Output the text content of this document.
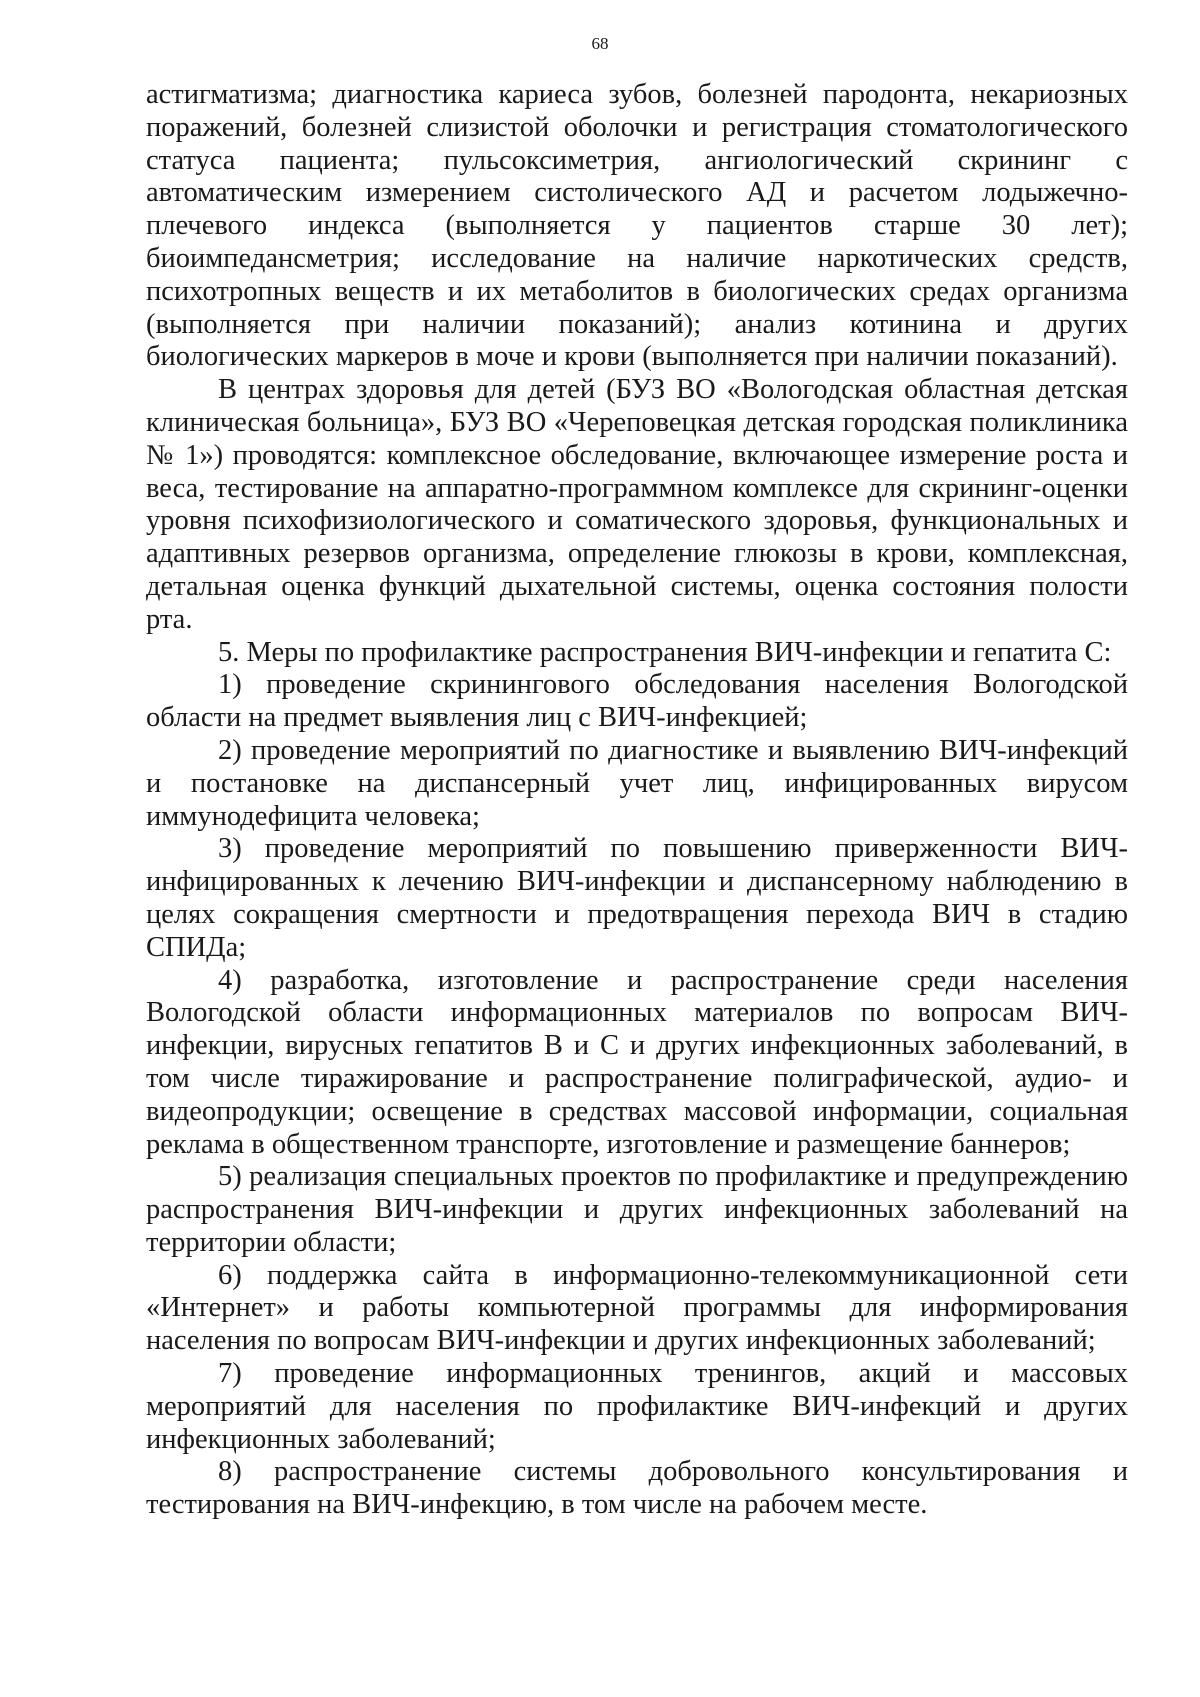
68

астигматизма; диагностика кариеса зубов, болезней пародонта, некариозных поражений, болезней слизистой оболочки и регистрация стоматологического статуса пациента; пульсоксиметрия, ангиологический скрининг с автоматическим измерением систолического АД и расчетом лодыжечно-плечевого индекса (выполняется у пациентов старше 30 лет); биоимпедансметрия; исследование на наличие наркотических средств, психотропных веществ и их метаболитов в биологических средах организма (выполняется при наличии показаний); анализ котинина и других биологических маркеров в моче и крови (выполняется при наличии показаний).

В центрах здоровья для детей (БУЗ ВО «Вологодская областная детская клиническая больница», БУЗ ВО «Череповецкая детская городская поликлиника № 1») проводятся: комплексное обследование, включающее измерение роста и веса, тестирование на аппаратно-программном комплексе для скрининг-оценки уровня психофизиологического и соматического здоровья, функциональных и адаптивных резервов организма, определение глюкозы в крови, комплексная, детальная оценка функций дыхательной системы, оценка состояния полости рта.

5. Меры по профилактике распространения ВИЧ-инфекции и гепатита С:

1) проведение скринингового обследования населения Вологодской области на предмет выявления лиц с ВИЧ-инфекцией;

2) проведение мероприятий по диагностике и выявлению ВИЧ-инфекций и постановке на диспансерный учет лиц, инфицированных вирусом иммунодефицита человека;

3) проведение мероприятий по повышению приверженности ВИЧ-инфицированных к лечению ВИЧ-инфекции и диспансерному наблюдению в целях сокращения смертности и предотвращения перехода ВИЧ в стадию СПИДа;

4) разработка, изготовление и распространение среди населения Вологодской области информационных материалов по вопросам ВИЧ-инфекции, вирусных гепатитов В и С и других инфекционных заболеваний, в том числе тиражирование и распространение полиграфической, аудио- и видеопродукции; освещение в средствах массовой информации, социальная реклама в общественном транспорте, изготовление и размещение баннеров;

5) реализация специальных проектов по профилактике и предупреждению распространения ВИЧ-инфекции и других инфекционных заболеваний на территории области;

6) поддержка сайта в информационно-телекоммуникационной сети «Интернет» и работы компьютерной программы для информирования населения по вопросам ВИЧ-инфекции и других инфекционных заболеваний;

7) проведение информационных тренингов, акций и массовых мероприятий для населения по профилактике ВИЧ-инфекций и других инфекционных заболеваний;

8) распространение системы добровольного консультирования и тестирования на ВИЧ-инфекцию, в том числе на рабочем месте.
